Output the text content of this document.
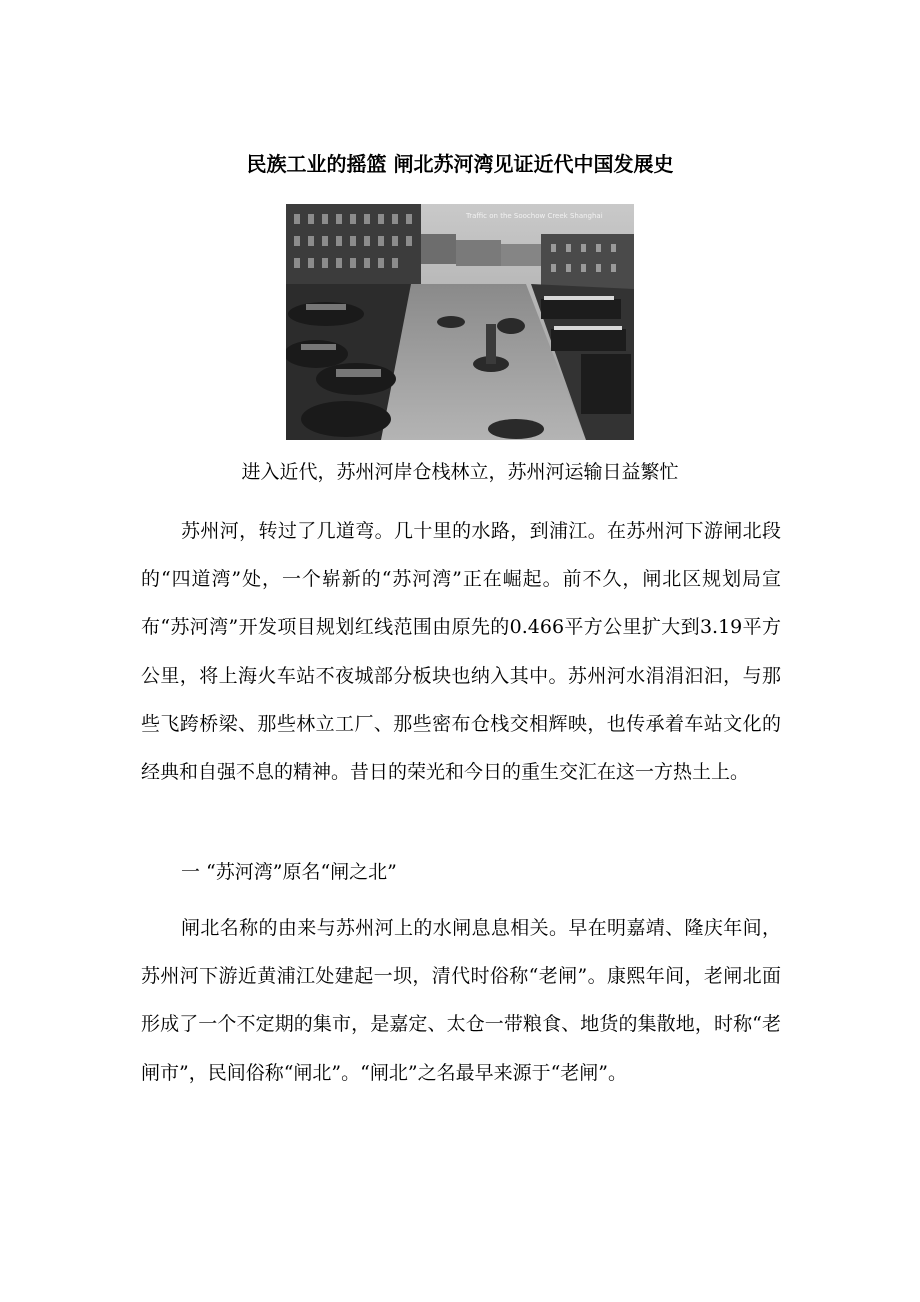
民族工业的摇篮 闸北苏河湾见证近代中国发展史
Traffic on the Soochow Creek Shanghai

进入近代，苏州河岸仓栈林立，苏州河运输日益繁忙

苏州河，转过了几道弯。几十里的水路，到浦江。在苏州河下游闸北段的“四道湾”处，一个崭新的“苏河湾”正在崛起。前不久，闸北区规划局宣布“苏河湾”开发项目规划红线范围由原先的0.466平方公里扩大到3.19平方公里，将上海火车站不夜城部分板块也纳入其中。苏州河水涓涓汩汩，与那些飞跨桥梁、那些林立工厂、那些密布仓栈交相辉映，也传承着车站文化的经典和自强不息的精神。昔日的荣光和今日的重生交汇在这一方热土上。

一 “苏河湾”原名“闸之北”

闸北名称的由来与苏州河上的水闸息息相关。早在明嘉靖、隆庆年间，苏州河下游近黄浦江处建起一坝，清代时俗称“老闸”。康熙年间，老闸北面形成了一个不定期的集市，是嘉定、太仓一带粮食、地货的集散地，时称“老闸市”，民间俗称“闸北”。“闸北”之名最早来源于“老闸”。
